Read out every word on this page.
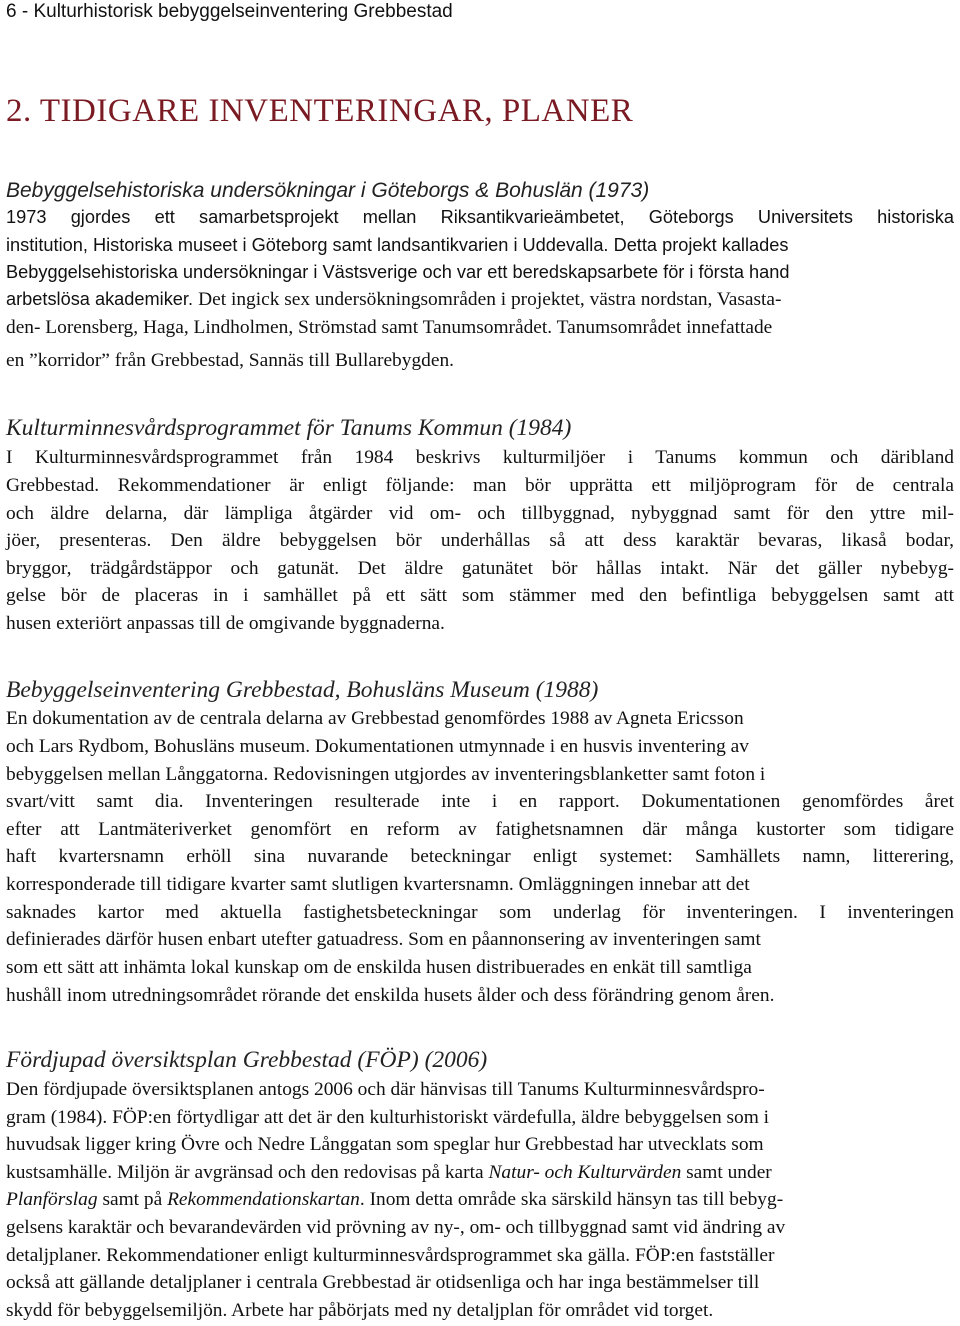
6 - Kulturhistorisk bebyggelseinventering Grebbestad
2. TIDIGARE INVENTERINGAR, PLANER
Bebyggelsehistoriska undersökningar i Göteborgs & Bohuslän (1973)
1973 gjordes ett samarbetsprojekt mellan Riksantikvarieämbetet, Göteborgs Universitets historiska
institution, Historiska museet i Göteborg samt landsantikvarien i Uddevalla. Detta projekt kallades
Bebyggelsehistoriska undersökningar i Västsverige och var ett beredskapsarbete för i första hand
arbetslösa akademiker. Det ingick sex undersökningsområden i projektet, västra nordstan, Vasasta-
den- Lorensberg, Haga, Lindholmen, Strömstad samt Tanumsområdet. Tanumsområdet innefattade
en ”korridor” från Grebbestad, Sannäs till Bullarebygden.
Kulturminnesvårdsprogrammet för Tanums Kommun (1984)
I Kulturminnesvårdsprogrammet från 1984 beskrivs kulturmiljöer i Tanums kommun och däribland
Grebbestad. Rekommendationer är enligt följande: man bör upprätta ett miljöprogram för de centrala
och äldre delarna, där lämpliga åtgärder vid om- och tillbyggnad, nybyggnad samt för den yttre mil-
jöer, presenteras. Den äldre bebyggelsen bör underhållas så att dess karaktär bevaras, likaså bodar,
bryggor, trädgårdstäppor och gatunät. Det äldre gatunätet bör hållas intakt. När det gäller nybebyg-
gelse bör de placeras in i samhället på ett sätt som stämmer med den befintliga bebyggelsen samt att
husen exteriört anpassas till de omgivande byggnaderna.
Bebyggelseinventering Grebbestad, Bohusläns Museum (1988)
En dokumentation av de centrala delarna av Grebbestad genomfördes 1988 av Agneta Ericsson
och Lars Rydbom, Bohusläns museum. Dokumentationen utmynnade i en husvis inventering av
bebyggelsen mellan Långgatorna. Redovisningen utgjordes av inventeringsblanketter samt foton i
svart/vitt samt dia. Inventeringen resulterade inte i en rapport. Dokumentationen genomfördes året
efter att Lantmäteriverket genomfört en reform av fatighetsnamnen där många kustorter som tidigare
haft kvartersnamn erhöll sina nuvarande beteckningar enligt systemet: Samhällets namn, litterering,
korresponderade till tidigare kvarter samt slutligen kvartersnamn. Omläggningen innebar att det
saknades kartor med aktuella fastighetsbeteckningar som underlag för inventeringen. I inventeringen
definierades därför husen enbart utefter gatuadress. Som en påannonsering av inventeringen samt
som ett sätt att inhämta lokal kunskap om de enskilda husen distribuerades en enkät till samtliga
hushåll inom utredningsområdet rörande det enskilda husets ålder och dess förändring genom åren.
Fördjupad översiktsplan Grebbestad (FÖP) (2006)
Den fördjupade översiktsplanen antogs 2006 och där hänvisas till Tanums Kulturminnesvårdspro-
gram (1984). FÖP:en förtydligar att det är den kulturhistoriskt värdefulla, äldre bebyggelsen som i
huvudsak ligger kring Övre och Nedre Långgatan som speglar hur Grebbestad har utvecklats som
kustsamhälle. Miljön är avgränsad och den redovisas på karta Natur- och Kulturvärden samt under
Planförslag samt på Rekommendationskartan. Inom detta område ska särskild hänsyn tas till bebyg-
gelsens karaktär och bevarandevärden vid prövning av ny-, om- och tillbyggnad samt vid ändring av
detaljplaner. Rekommendationer enligt kulturminnesvårdsprogrammet ska gälla. FÖP:en fastställer
också att gällande detaljplaner i centrala Grebbestad är otidsenliga och har inga bestämmelser till
skydd för bebyggelsemiljön. Arbete har påbörjats med ny detaljplan för området vid torget.
